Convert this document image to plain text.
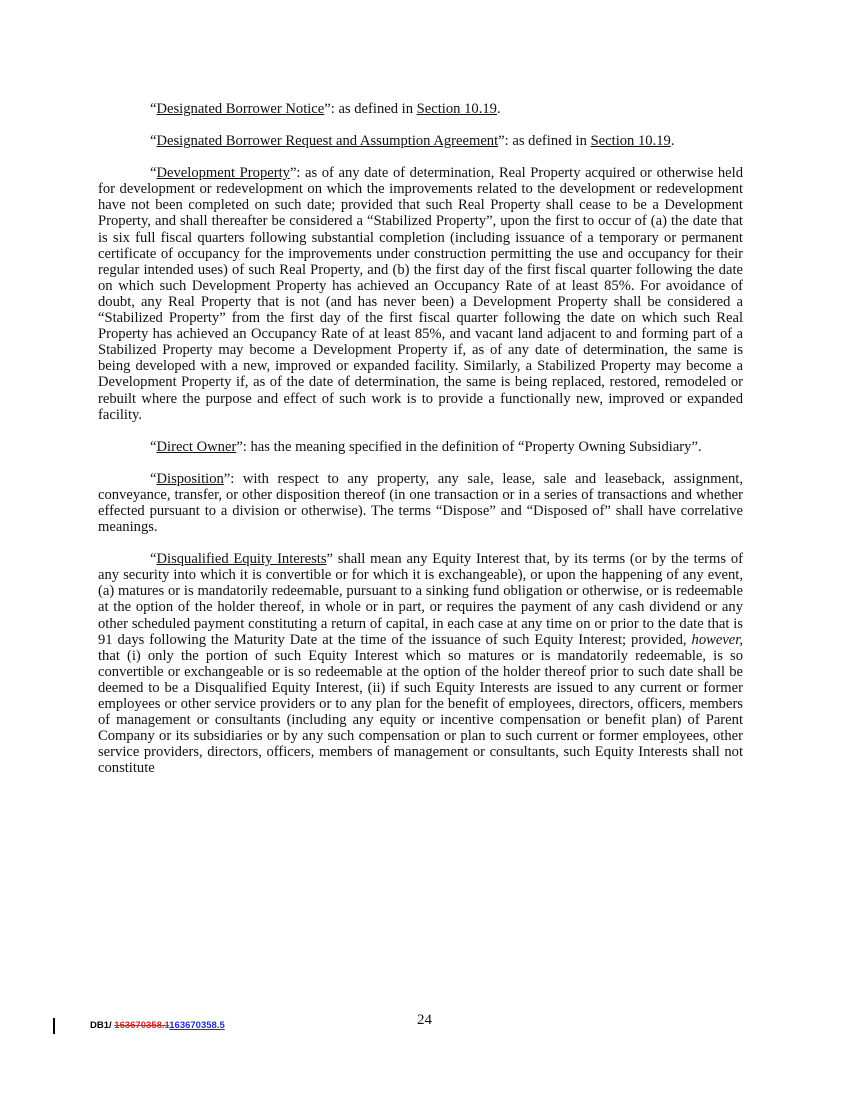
“Designated Borrower Notice”: as defined in Section 10.19.

“Designated Borrower Request and Assumption Agreement”: as defined in Section 10.19.

“Development Property”: as of any date of determination, Real Property acquired or otherwise held for development or redevelopment on which the improvements related to the development or redevelopment have not been completed on such date; provided that such Real Property shall cease to be a Development Property, and shall thereafter be considered a “Stabilized Property”, upon the first to occur of (a) the date that is six full fiscal quarters following substantial completion (including issuance of a temporary or permanent certificate of occupancy for the improvements under construction permitting the use and occupancy for their regular intended uses) of such Real Property, and (b) the first day of the first fiscal quarter following the date on which such Development Property has achieved an Occupancy Rate of at least 85%. For avoidance of doubt, any Real Property that is not (and has never been) a Development Property shall be considered a “Stabilized Property” from the first day of the first fiscal quarter following the date on which such Real Property has achieved an Occupancy Rate of at least 85%, and vacant land adjacent to and forming part of a Stabilized Property may become a Development Property if, as of any date of determination, the same is being developed with a new, improved or expanded facility. Similarly, a Stabilized Property may become a Development Property if, as of the date of determination, the same is being replaced, restored, remodeled or rebuilt where the purpose and effect of such work is to provide a functionally new, improved or expanded facility.

“Direct Owner”: has the meaning specified in the definition of “Property Owning Subsidiary”.

“Disposition”: with respect to any property, any sale, lease, sale and leaseback, assignment, conveyance, transfer, or other disposition thereof (in one transaction or in a series of transactions and whether effected pursuant to a division or otherwise). The terms “Dispose” and “Disposed of” shall have correlative meanings.

“Disqualified Equity Interests” shall mean any Equity Interest that, by its terms (or by the terms of any security into which it is convertible or for which it is exchangeable), or upon the happening of any event, (a) matures or is mandatorily redeemable, pursuant to a sinking fund obligation or otherwise, or is redeemable at the option of the holder thereof, in whole or in part, or requires the payment of any cash dividend or any other scheduled payment constituting a return of capital, in each case at any time on or prior to the date that is 91 days following the Maturity Date at the time of the issuance of such Equity Interest; provided, however, that (i) only the portion of such Equity Interest which so matures or is mandatorily redeemable, is so convertible or exchangeable or is so redeemable at the option of the holder thereof prior to such date shall be deemed to be a Disqualified Equity Interest, (ii) if such Equity Interests are issued to any current or former employees or other service providers or to any plan for the benefit of employees, directors, officers, members of management or consultants (including any equity or incentive compensation or benefit plan) of Parent Company or its subsidiaries or by any such compensation or plan to such current or former employees, other service providers, directors, officers, members of management or consultants, such Equity Interests shall not constitute

24
DB1/ 163670358.1163670358.5
